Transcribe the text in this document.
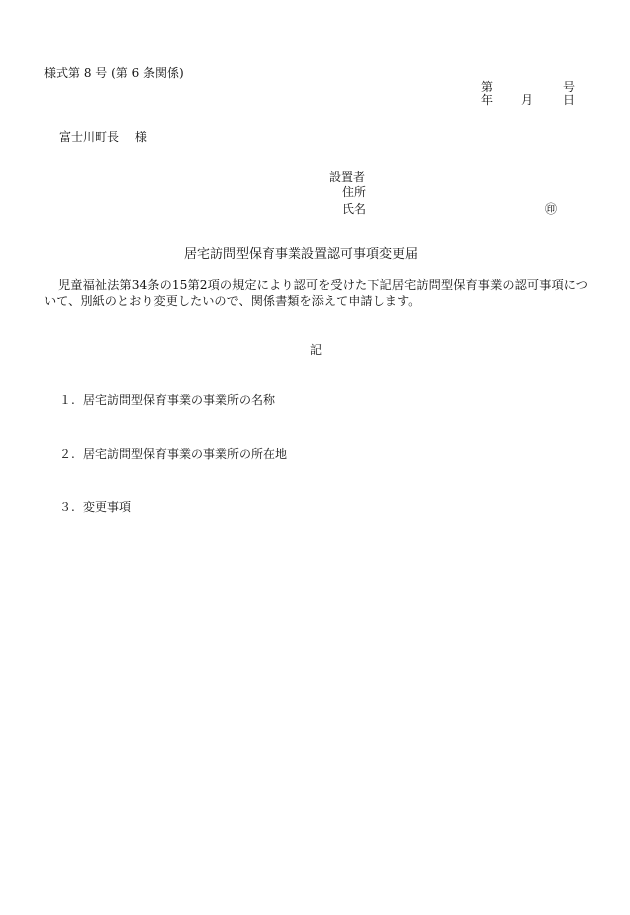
様式第 8 号 (第 6 条関係)
第	号
年 月 日
富士川町長　 様
設置者
住所
氏名	㊞
居宅訪問型保育事業設置認可事項変更届

児童福祉法第34条の15第2項の規定により認可を受けた下記居宅訪問型保育事業の認可事項について、別紙のとおり変更したいので、関係書類を添えて申請します。

記
１. 居宅訪問型保育事業の事業所の名称
２. 居宅訪問型保育事業の事業所の所在地
３. 変更事項
